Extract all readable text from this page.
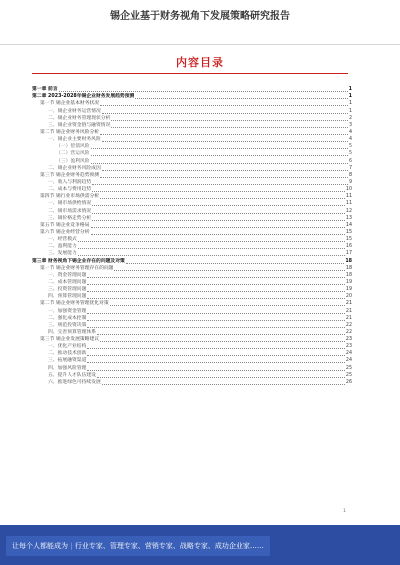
锡企业基于财务视角下发展策略研究报告
内容目录
第一章 前言	1
第二章 2023-2028年锡企业财务发展趋势预测	1
第一节 锡企业基本财务状况	1
一、锡企业财务运营情况	1
二、锡企业财务管理现状分析	2
三、锡企业资金链与融资情况	3
第二节 锡企业财务风险分析	4
一、锡企业主要财务风险	4
（一）偿债风险	5
（二）营运风险	5
（三）盈利风险	6
二、锡企业财务风险成因	7
第三节 锡企业财务趋势预测	8
一、收入与利润趋势	9
二、成本与费用趋势	10
第四节 锡行业市场供需分析	11
一、锡市场供给情况	11
二、锡市场需求情况	12
三、锡价格走势分析	13
第五节 锡企业竞争格局	14
第六节 锡企业经营分析	15
一、经营模式	15
二、盈利能力	16
三、发展能力	17
第三章 财务视角下锡企业存在的问题及对策	18
第一节 锡企业财务管理存在的问题	18
一、资金管理问题	18
二、成本管理问题	19
三、投资管理问题	19
四、预算管理问题	20
第二节 锡企业财务管理优化对策	21
一、加强资金管理	21
二、强化成本控制	21
三、规范投资决策	22
四、完善预算管理体系	22
第三节 锡企业发展策略建议	23
一、优化产业结构	23
二、推动技术创新	24
三、拓展融资渠道	24
四、加强风险管理	25
五、提升人才队伍建设	25
六、推进绿色可持续发展	26
1
让每个人都能成为 | 行业专家、管理专家、营销专家、战略专家、成功企业家……
